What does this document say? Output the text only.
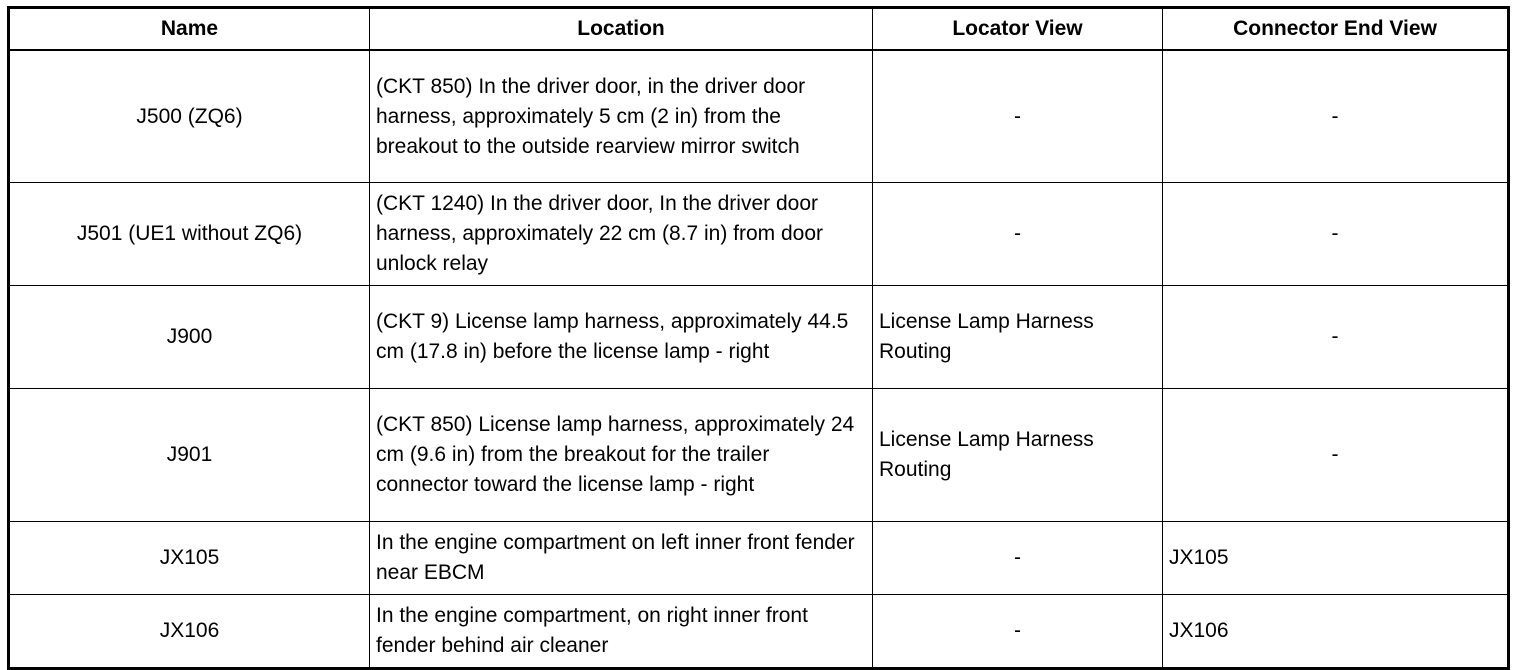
Name	Location	Locator View	Connector End View
J500 (ZQ6)	(CKT 850) In the driver door, in the driver door harness, approximately 5 cm (2 in) from the breakout to the outside rearview mirror switch	-	-
J501 (UE1 without ZQ6)	(CKT 1240) In the driver door, In the driver door harness, approximately 22 cm (8.7 in) from door unlock relay	-	-
J900	(CKT 9) License lamp harness, approximately 44.5 cm (17.8 in) before the license lamp - right	License Lamp Harness Routing	-
J901	(CKT 850) License lamp harness, approximately 24 cm (9.6 in) from the breakout for the trailer connector toward the license lamp - right	License Lamp Harness Routing	-
JX105	In the engine compartment on left inner front fender near EBCM	-	JX105
JX106	In the engine compartment, on right inner front fender behind air cleaner	-	JX106
